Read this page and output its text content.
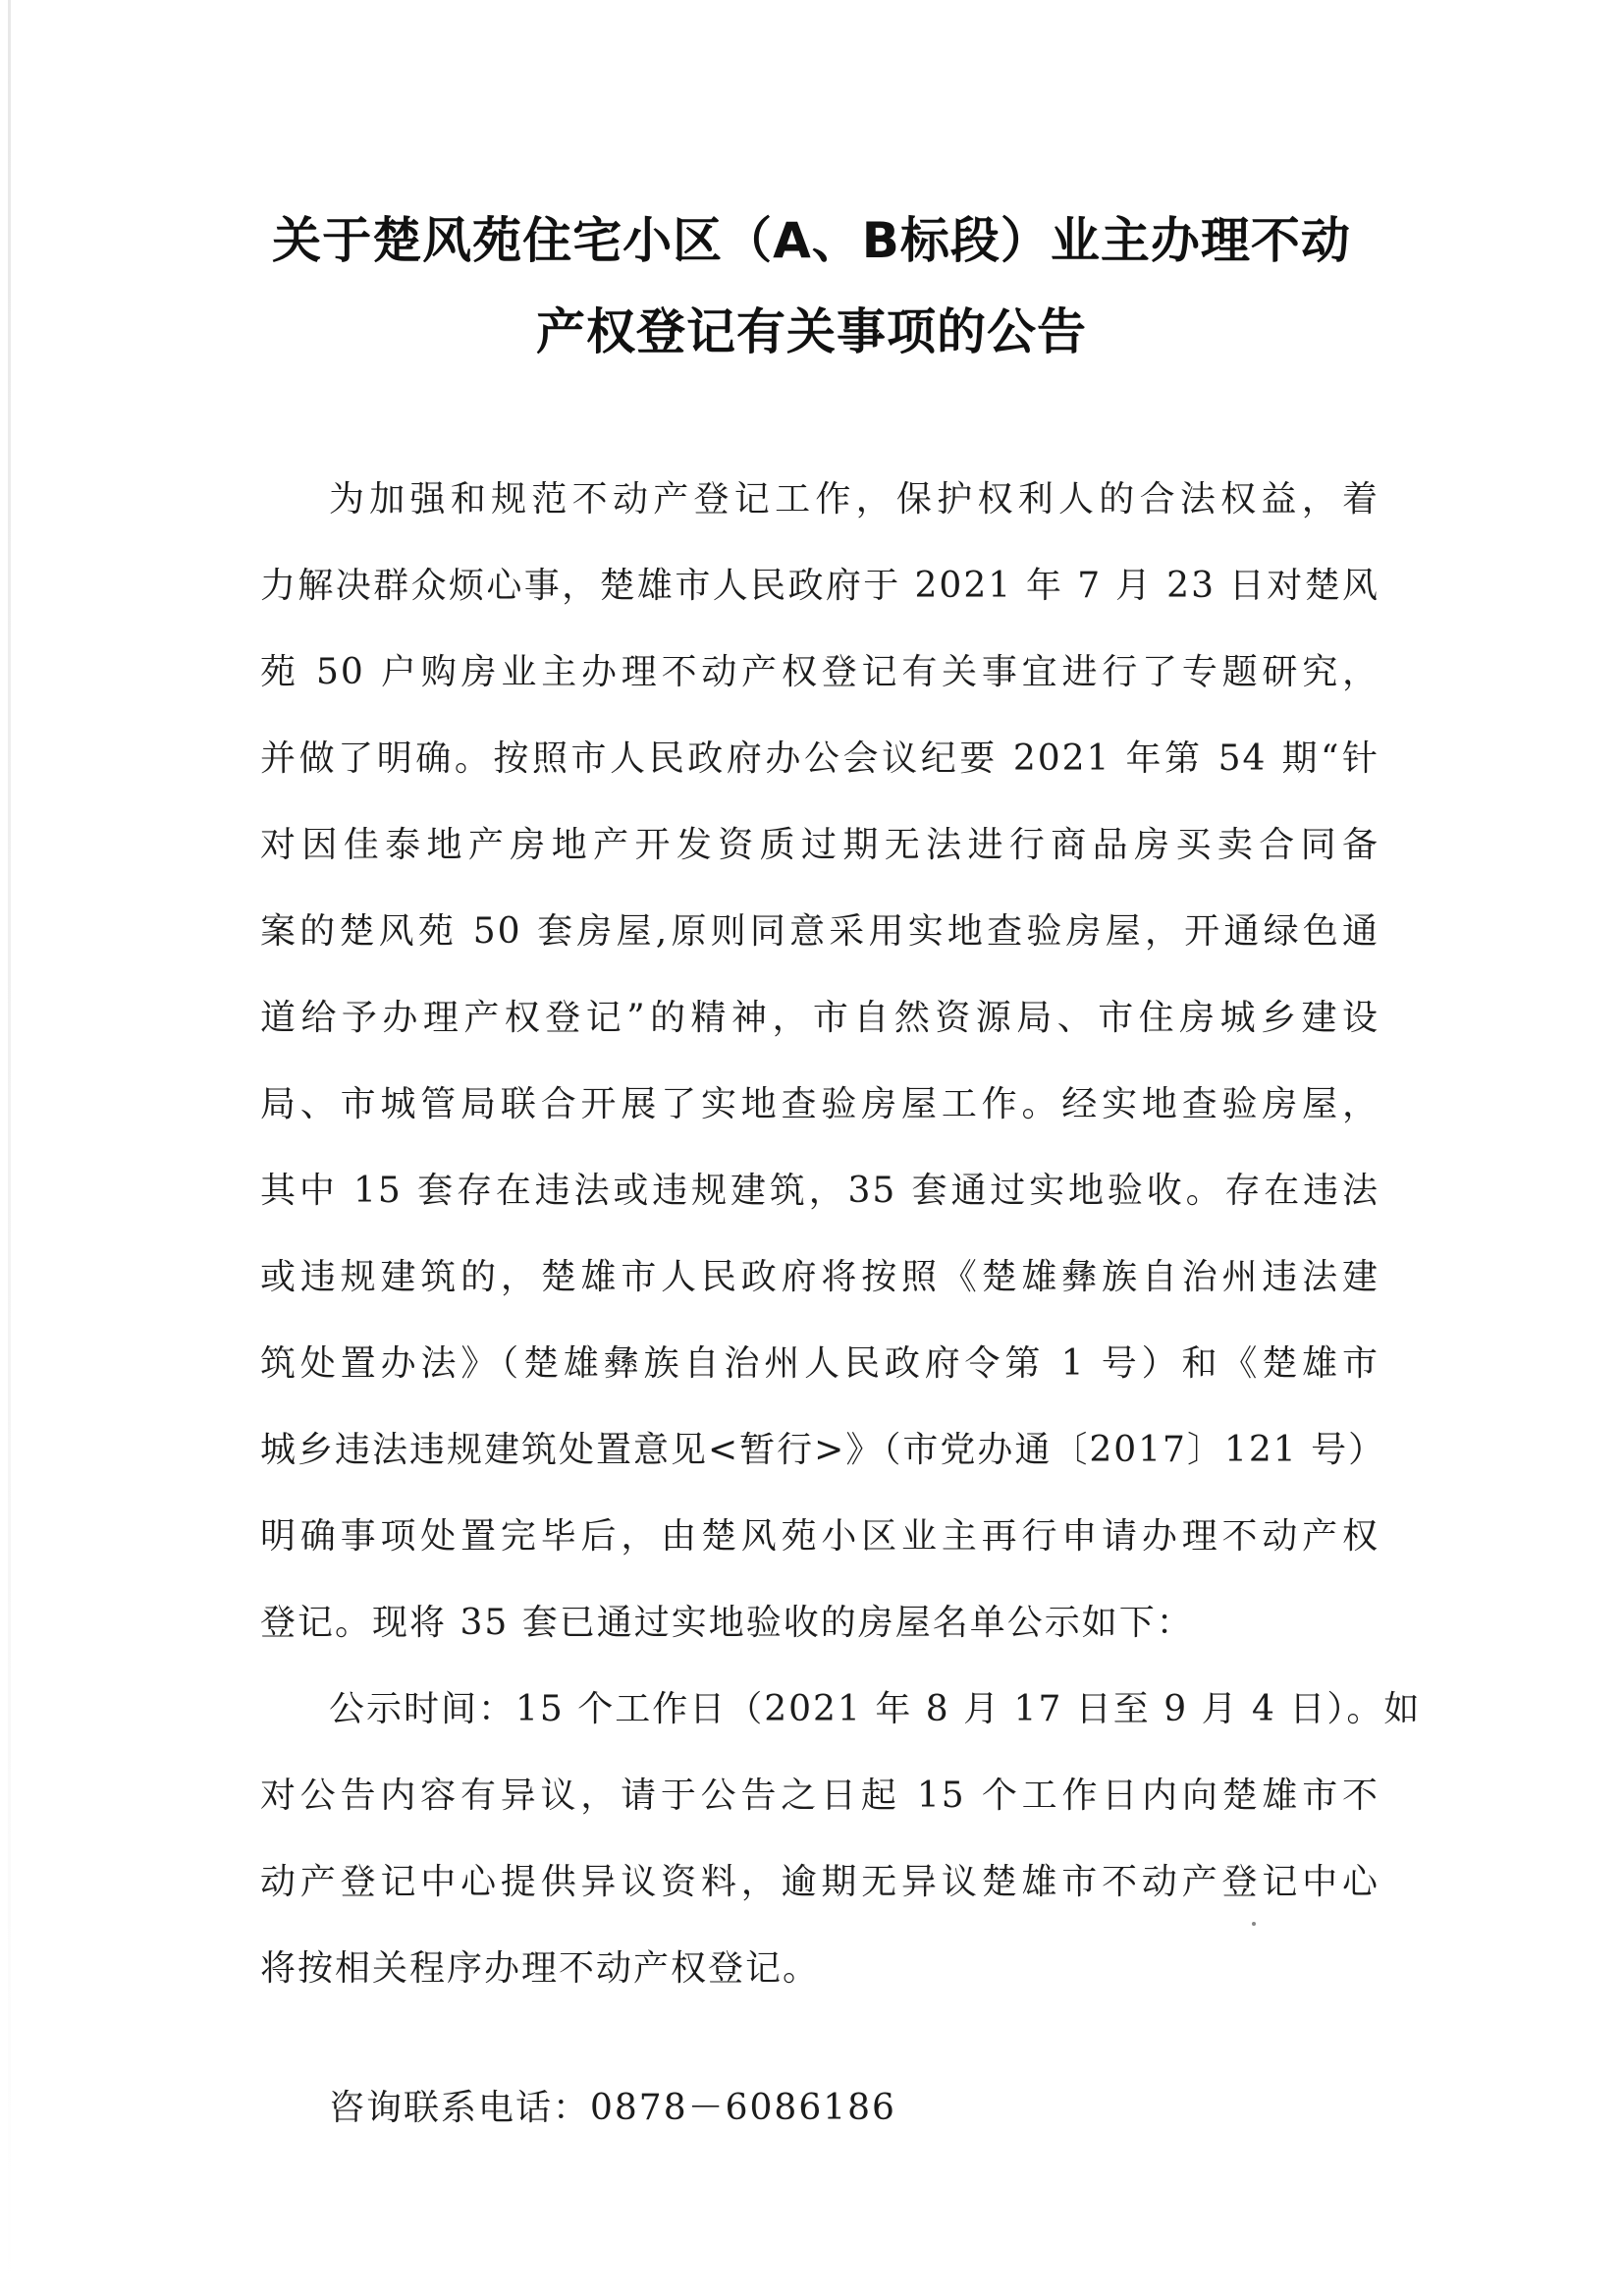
关于楚风苑住宅小区（A、B标段）业主办理不动
产权登记有关事项的公告
为加强和规范不动产登记工作，保护权利人的合法权益，着
力解决群众烦心事，楚雄市人民政府于 2021 年 7 月 23 日对楚风
苑 50 户购房业主办理不动产权登记有关事宜进行了专题研究，
并做了明确。按照市人民政府办公会议纪要 2021 年第 54 期“针
对因佳泰地产房地产开发资质过期无法进行商品房买卖合同备
案的楚风苑 50 套房屋,原则同意采用实地查验房屋，开通绿色通
道给予办理产权登记”的精神，市自然资源局、市住房城乡建设
局、市城管局联合开展了实地查验房屋工作。经实地查验房屋，
其中 15 套存在违法或违规建筑，35 套通过实地验收。存在违法
或违规建筑的，楚雄市人民政府将按照《楚雄彝族自治州违法建
筑处置办法》（楚雄彝族自治州人民政府令第 1 号）和《楚雄市
城乡违法违规建筑处置意见<暂行>》（市党办通〔2017〕121 号）
明确事项处置完毕后，由楚风苑小区业主再行申请办理不动产权
登记。现将 35 套已通过实地验收的房屋名单公示如下：
公示时间：15 个工作日（2021 年 8 月 17 日至 9 月 4 日）。如
对公告内容有异议，请于公告之日起 15 个工作日内向楚雄市不
动产登记中心提供异议资料，逾期无异议楚雄市不动产登记中心
将按相关程序办理不动产权登记。
咨询联系电话：0878－6086186
